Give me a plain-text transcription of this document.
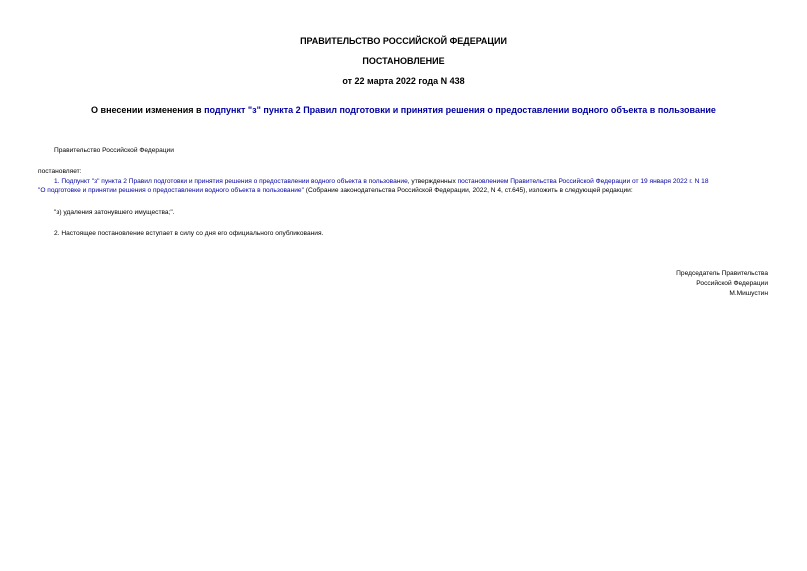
ПРАВИТЕЛЬСТВО РОССИЙСКОЙ ФЕДЕРАЦИИ
ПОСТАНОВЛЕНИЕ
от 22 марта 2022 года N 438
О внесении изменения в подпункт "з" пункта 2 Правил подготовки и принятия решения о предоставлении водного объекта в пользование
Правительство Российской Федерации
постановляет:
1. Подпункт "з" пункта 2 Правил подготовки и принятия решения о предоставлении водного объекта в пользование, утвержденных постановлением Правительства Российской Федерации от 19 января 2022 г. N 18
"О подготовке и принятии решения о предоставлении водного объекта в пользование" (Собрание законодательства Российской Федерации, 2022, N 4, ст.645), изложить в следующей редакции:
"з) удаления затонувшего имущества;".
2. Настоящее постановление вступает в силу со дня его официального опубликования.
Председатель Правительства
Российской Федерации
М.Мишустин
